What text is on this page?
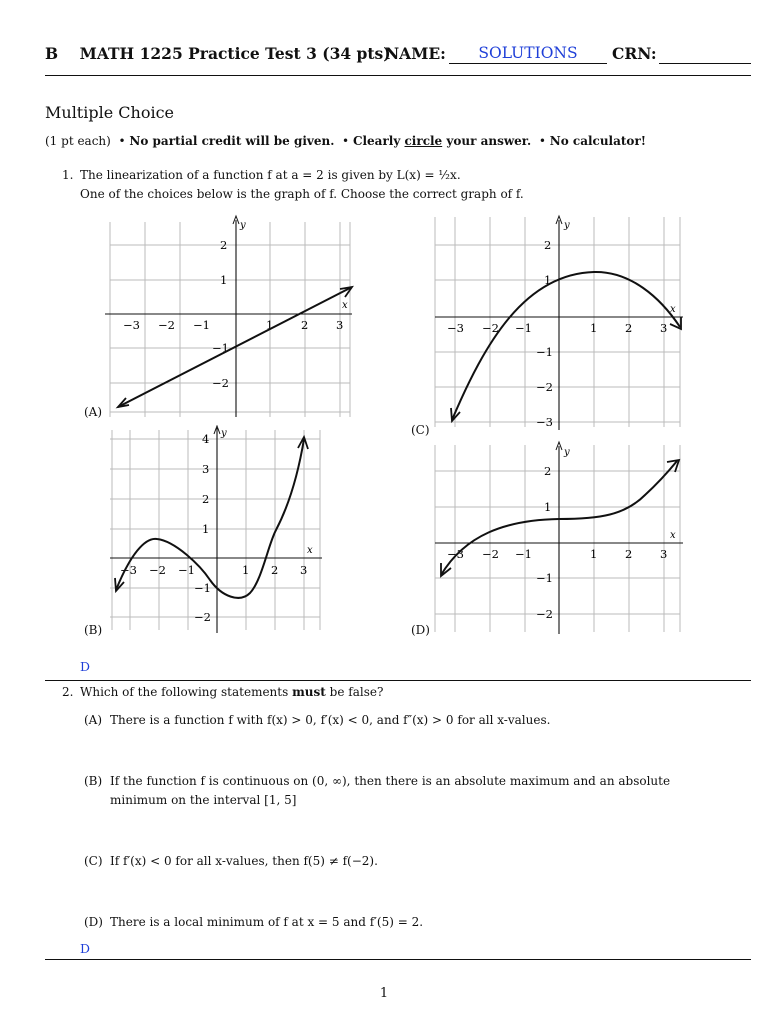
B    MATH 1225 Practice Test 3 (34 pts)
NAME:	SOLUTIONS	CRN:
Multiple Choice
(1 pt each)  • No partial credit will be given.  • Clearly circle your answer.  • No calculator!
1. The linearization of a function f at a = 2 is given by L(x) = ½x.
One of the choices below is the graph of f. Choose the correct graph of f.
(A)
(C)
(B)	(D)
y
x
−3 −2 −1	1 2 3
2
1
−1
−2
y
x
−3 −2 −1	1 2 3
2
1
−1
−2
−3
y
x
−3 −2 −1	1 2 3
4
3
2
1
−1
−2
y
x
−3 −2 −1	1 2 3
2
1
−1
−2
D
2. Which of the following statements must be false?
(A) There is a function f with f(x) > 0, f′(x) < 0, and f″(x) > 0 for all x-values.
(B) If the function f is continuous on (0, ∞), then there is an absolute maximum and an absolute minimum on the interval [1, 5]
(C) If f′(x) < 0 for all x-values, then f(5) ≠ f(−2).
(D) There is a local minimum of f at x = 5 and f′(5) = 2.
D
1
